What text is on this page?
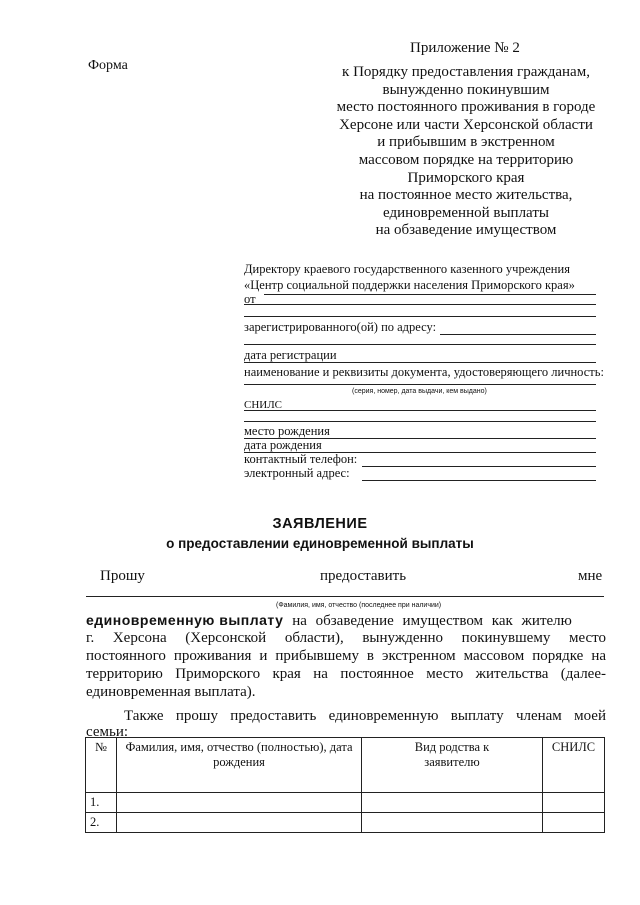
Форма
Приложение № 2
к Порядку предоставления гражданам,
вынужденно покинувшим
место постоянного проживания в городе
Херсоне или части Херсонской области
и прибывшим в экстренном
массовом порядке на территорию
Приморского края
на постоянное место жительства,
единовременной выплаты
на обзаведение имуществом
Директору краевого государственного казенного учреждения
«Центр социальной поддержки населения Приморского края»
от
зарегистрированного(ой) по адресу:
дата регистрации
наименование и реквизиты документа, удостоверяющего личность:
(серия, номер, дата выдачи, кем выдано)
СНИЛС
место рождения
дата рождения
контактный телефон:
электронный адрес:
ЗАЯВЛЕНИЕ
о предоставлении единовременной выплаты
Прошу	предоставить	мне
(Фамилия, имя, отчество (последнее при наличии)
единовременную выплату на обзаведение имуществом как жителю
г. Херсона (Херсонской области), вынужденно покинувшему место
постоянного проживания и прибывшему в экстренном массовом порядке на
территорию Приморского края на постоянное место жительства (далее-
единовременная выплата).
Также прошу предоставить единовременную выплату членам моей
семьи:
№	Фамилия, имя, отчество (полностью), дата рождения	Вид родства к заявителю	СНИЛС
1.			
2.			
